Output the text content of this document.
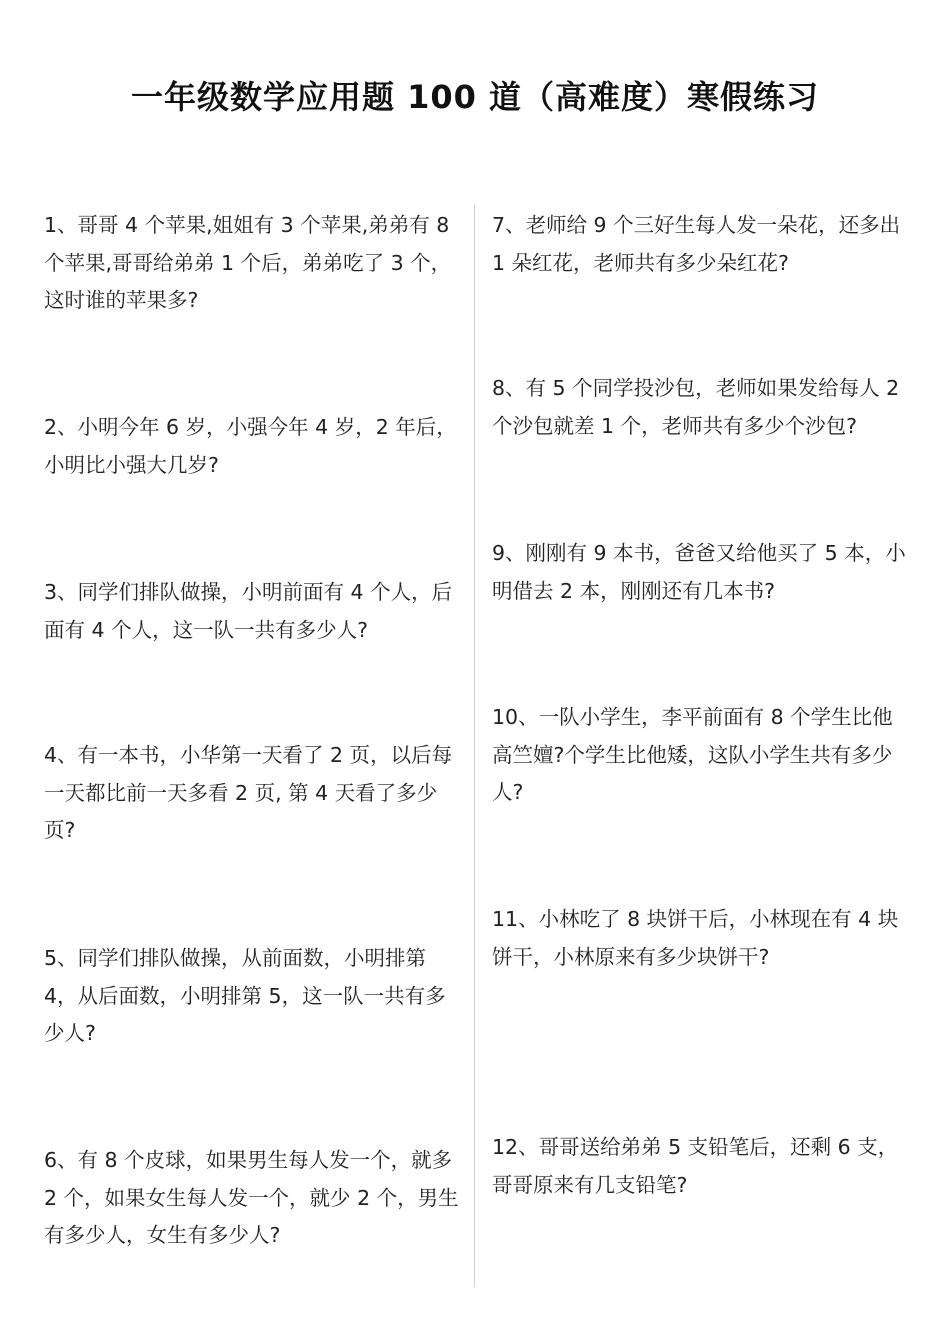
一年级数学应用题 100 道（高难度）寒假练习
1、哥哥 4 个苹果,姐姐有 3 个苹果,弟弟有 8 个苹果,哥哥给弟弟 1 个后，弟弟吃了 3 个，这时谁的苹果多?
2、小明今年 6 岁，小强今年 4 岁，2 年后，小明比小强大几岁?
3、同学们排队做操，小明前面有 4 个人，后面有 4 个人，这一队一共有多少人?
4、有一本书，小华第一天看了 2 页，以后每一天都比前一天多看 2 页, 第 4 天看了多少页?
5、同学们排队做操，从前面数，小明排第 4，从后面数，小明排第 5，这一队一共有多少人?
6、有 8 个皮球，如果男生每人发一个，就多 2 个，如果女生每人发一个，就少 2 个，男生有多少人，女生有多少人?
7、老师给 9 个三好生每人发一朵花，还多出 1 朵红花，老师共有多少朵红花?
8、有 5 个同学投沙包，老师如果发给每人 2 个沙包就差 1 个，老师共有多少个沙包?
9、刚刚有 9 本书，爸爸又给他买了 5 本，小明借去 2 本，刚刚还有几本书?
10、一队小学生，李平前面有 8 个学生比他高竺嬗?个学生比他矮，这队小学生共有多少人?
11、小林吃了 8 块饼干后，小林现在有 4 块饼干，小林原来有多少块饼干?
12、哥哥送给弟弟 5 支铅笔后，还剩 6 支，哥哥原来有几支铅笔?
